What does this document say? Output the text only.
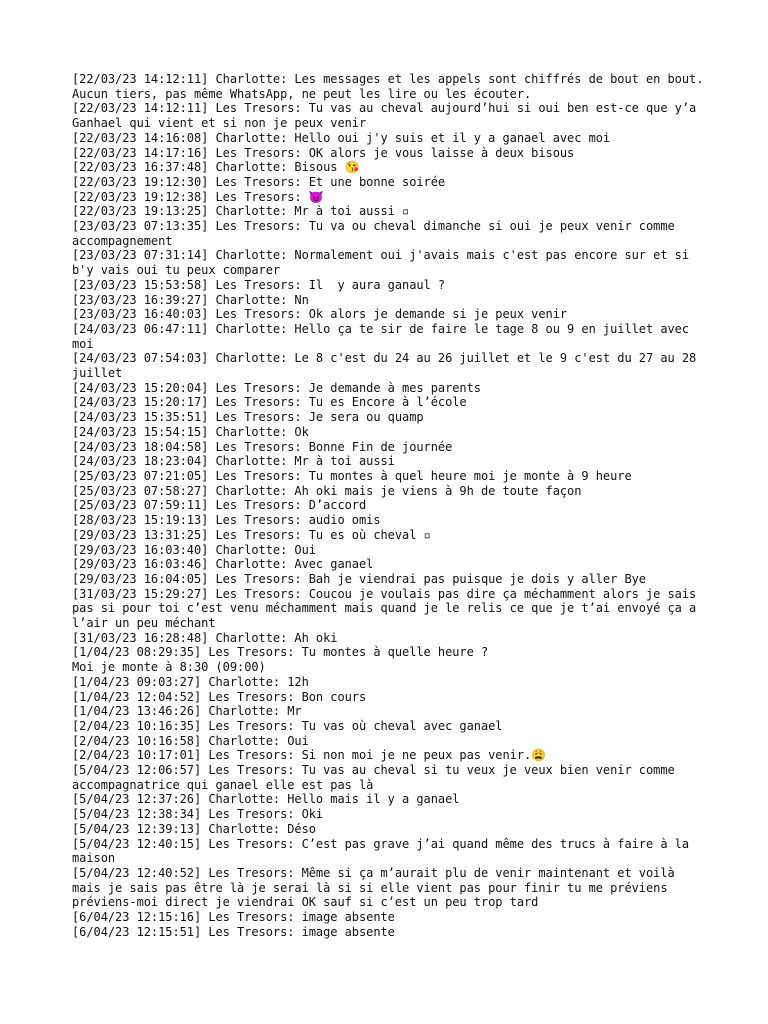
[22/03/23 14:12:11] Charlotte: Les messages et les appels sont chiffrés de bout en bout. Aucun tiers, pas même WhatsApp, ne peut les lire ou les écouter.

[22/03/23 14:12:11] Les Tresors: Tu vas au cheval aujourd’hui si oui ben est-ce que y’a Ganhael qui vient et si non je peux venir

[22/03/23 14:16:08] Charlotte: Hello oui j'y suis et il y a ganael avec moi

[22/03/23 14:17:16] Les Tresors: OK alors je vous laisse à deux bisous

[22/03/23 16:37:48] Charlotte: Bisous 😘

[22/03/23 19:12:30] Les Tresors: Et une bonne soirée

[22/03/23 19:12:38] Les Tresors: 😈

[22/03/23 19:13:25] Charlotte: Mr à toi aussi ▫

[23/03/23 07:13:35] Les Tresors: Tu va ou cheval dimanche si oui je peux venir comme accompagnement

[23/03/23 07:31:14] Charlotte: Normalement oui j'avais mais c'est pas encore sur et si b'y vais oui tu peux comparer

[23/03/23 15:53:58] Les Tresors: Il  y aura ganaul ?

[23/03/23 16:39:27] Charlotte: Nn

[23/03/23 16:40:03] Les Tresors: Ok alors je demande si je peux venir

[24/03/23 06:47:11] Charlotte: Hello ça te sir de faire le tage 8 ou 9 en juillet avec moi

[24/03/23 07:54:03] Charlotte: Le 8 c'est du 24 au 26 juillet et le 9 c'est du 27 au 28 juillet

[24/03/23 15:20:04] Les Tresors: Je demande à mes parents

[24/03/23 15:20:17] Les Tresors: Tu es Encore à l’école

[24/03/23 15:35:51] Les Tresors: Je sera ou quamp

[24/03/23 15:54:15] Charlotte: Ok

[24/03/23 18:04:58] Les Tresors: Bonne Fin de journée

[24/03/23 18:23:04] Charlotte: Mr à toi aussi

[25/03/23 07:21:05] Les Tresors: Tu montes à quel heure moi je monte à 9 heure

[25/03/23 07:58:27] Charlotte: Ah oki mais je viens à 9h de toute façon

[25/03/23 07:59:11] Les Tresors: D’accord

[28/03/23 15:19:13] Les Tresors: audio omis

[29/03/23 13:31:25] Les Tresors: Tu es où cheval ▫

[29/03/23 16:03:40] Charlotte: Oui

[29/03/23 16:03:46] Charlotte: Avec ganael

[29/03/23 16:04:05] Les Tresors: Bah je viendrai pas puisque je dois y aller Bye

[31/03/23 15:29:27] Les Tresors: Coucou je voulais pas dire ça méchamment alors je sais pas si pour toi c’est venu méchamment mais quand je le relis ce que je t’ai envoyé ça a l’air un peu méchant

[31/03/23 16:28:48] Charlotte: Ah oki

[1/04/23 08:29:35] Les Tresors: Tu montes à quelle heure ?
Moi je monte à 8:30 (09:00)

[1/04/23 09:03:27] Charlotte: 12h

[1/04/23 12:04:52] Les Tresors: Bon cours

[1/04/23 13:46:26] Charlotte: Mr

[2/04/23 10:16:35] Les Tresors: Tu vas où cheval avec ganael

[2/04/23 10:16:58] Charlotte: Oui

[2/04/23 10:17:01] Les Tresors: Si non moi je ne peux pas venir.😩

[5/04/23 12:06:57] Les Tresors: Tu vas au cheval si tu veux je veux bien venir comme accompagnatrice qui ganael elle est pas là

[5/04/23 12:37:26] Charlotte: Hello mais il y a ganael

[5/04/23 12:38:34] Les Tresors: Oki

[5/04/23 12:39:13] Charlotte: Déso

[5/04/23 12:40:15] Les Tresors: C’est pas grave j’ai quand même des trucs à faire à la maison

[5/04/23 12:40:52] Les Tresors: Même si ça m’aurait plu de venir maintenant et voilà mais je sais pas être là je serai là si si elle vient pas pour finir tu me préviens préviens-moi direct je viendrai OK sauf si c’est un peu trop tard

[6/04/23 12:15:16] Les Tresors: image absente

[6/04/23 12:15:51] Les Tresors: image absente
